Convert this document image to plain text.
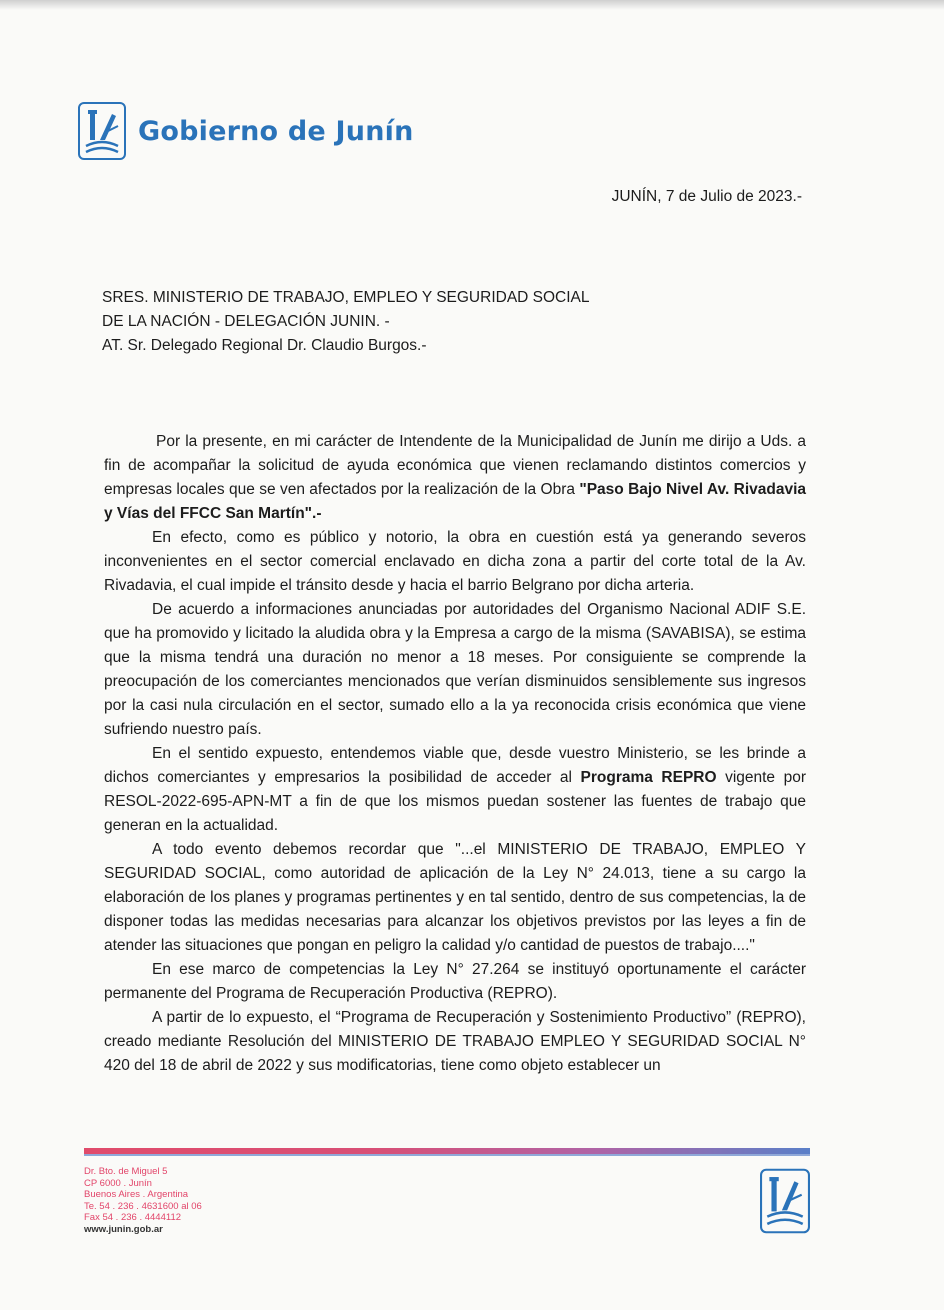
Gobierno de Junín
JUNÍN, 7 de Julio de 2023.-
SRES. MINISTERIO DE TRABAJO, EMPLEO Y SEGURIDAD SOCIAL
DE LA NACIÓN - DELEGACIÓN JUNIN. -
AT. Sr. Delegado Regional Dr. Claudio Burgos.-

Por la presente, en mi carácter de Intendente de la Municipalidad de Junín me dirijo a Uds. a fin de acompañar la solicitud de ayuda económica que vienen reclamando distintos comercios y empresas locales que se ven afectados por la realización de la Obra "Paso Bajo Nivel Av. Rivadavia y Vías del FFCC San Martín".-

En efecto, como es público y notorio, la obra en cuestión está ya generando severos inconvenientes en el sector comercial enclavado en dicha zona a partir del corte total de la Av. Rivadavia, el cual impide el tránsito desde y hacia el barrio Belgrano por dicha arteria.

De acuerdo a informaciones anunciadas por autoridades del Organismo Nacional ADIF S.E. que ha promovido y licitado la aludida obra y la Empresa a cargo de la misma (SAVABISA), se estima que la misma tendrá una duración no menor a 18 meses. Por consiguiente se comprende la preocupación de los comerciantes mencionados que verían disminuidos sensiblemente sus ingresos por la casi nula circulación en el sector, sumado ello a la ya reconocida crisis económica que viene sufriendo nuestro país.

En el sentido expuesto, entendemos viable que, desde vuestro Ministerio, se les brinde a dichos comerciantes y empresarios la posibilidad de acceder al Programa REPRO vigente por RESOL-2022-695-APN-MT a fin de que los mismos puedan sostener las fuentes de trabajo que generan en la actualidad.

A todo evento debemos recordar que "...el MINISTERIO DE TRABAJO, EMPLEO Y SEGURIDAD SOCIAL, como autoridad de aplicación de la Ley N° 24.013, tiene a su cargo la elaboración de los planes y programas pertinentes y en tal sentido, dentro de sus competencias, la de disponer todas las medidas necesarias para alcanzar los objetivos previstos por las leyes a fin de atender las situaciones que pongan en peligro la calidad y/o cantidad de puestos de trabajo...."

En ese marco de competencias la Ley N° 27.264 se instituyó oportunamente el carácter permanente del Programa de Recuperación Productiva (REPRO).

A partir de lo expuesto, el “Programa de Recuperación y Sostenimiento Productivo” (REPRO), creado mediante Resolución del MINISTERIO DE TRABAJO EMPLEO Y SEGURIDAD SOCIAL N° 420 del 18 de abril de 2022 y sus modificatorias, tiene como objeto establecer un

Dr. Bto. de Miguel 5
CP 6000 . Junín
Buenos Aires . Argentina
Te. 54 . 236 . 4631600 al 06
Fax 54 . 236 . 4444112
www.junin.gob.ar
